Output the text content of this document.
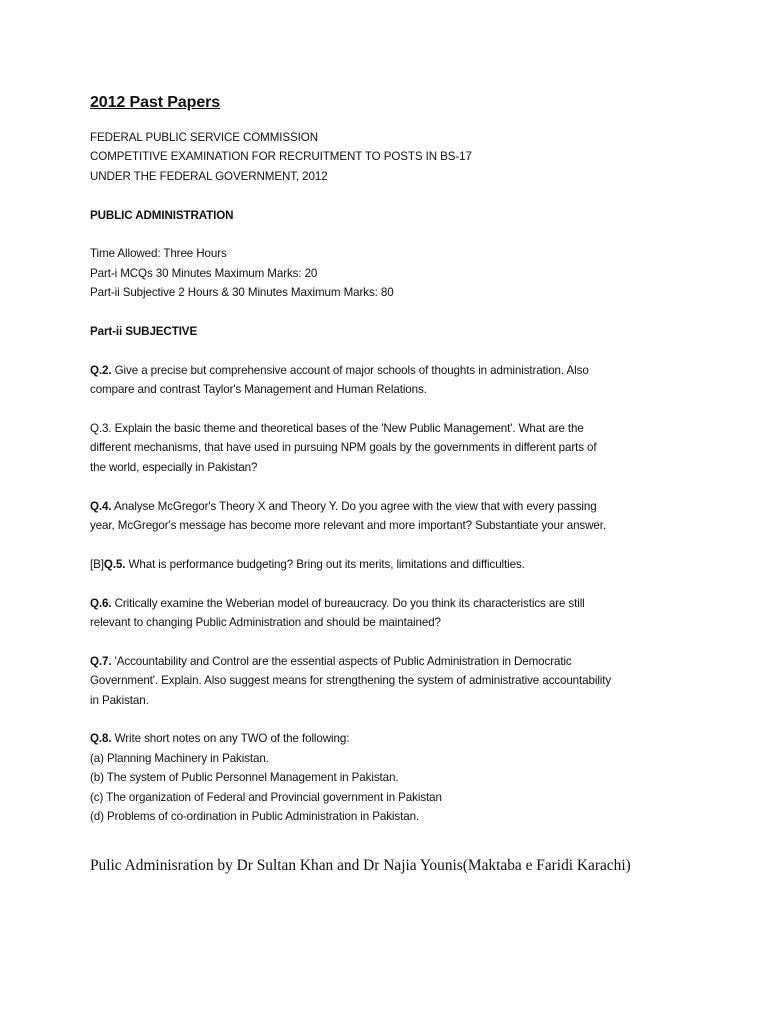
2012 Past Papers

FEDERAL PUBLIC SERVICE COMMISSION

COMPETITIVE EXAMINATION FOR RECRUITMENT TO POSTS IN BS-17

UNDER THE FEDERAL GOVERNMENT, 2012

PUBLIC ADMINISTRATION

Time Allowed: Three Hours

Part-i MCQs 30 Minutes Maximum Marks: 20

Part-ii Subjective 2 Hours & 30 Minutes Maximum Marks: 80

Part-ii SUBJECTIVE

Q.2. Give a precise but comprehensive account of major schools of thoughts in administration. Also

compare and contrast Taylor's Management and Human Relations.

Q.3. Explain the basic theme and theoretical bases of the 'New Public Management'. What are the

different mechanisms, that have used in pursuing NPM goals by the governments in different parts of

the world, especially in Pakistan?

Q.4. Analyse McGregor's Theory X and Theory Y. Do you agree with the view that with every passing

year, McGregor's message has become more relevant and more important? Substantiate your answer.

[B]Q.5. What is performance budgeting? Bring out its merits, limitations and difficulties.

Q.6. Critically examine the Weberian model of bureaucracy. Do you think its characteristics are still

relevant to changing Public Administration and should be maintained?

Q.7. 'Accountability and Control are the essential aspects of Public Administration in Democratic

Government'. Explain. Also suggest means for strengthening the system of administrative accountability

in Pakistan.

Q.8. Write short notes on any TWO of the following:

(a) Planning Machinery in Pakistan.

(b) The system of Public Personnel Management in Pakistan.

(c) The organization of Federal and Provincial government in Pakistan

(d) Problems of co-ordination in Public Administration in Pakistan.

Pulic Adminisration by Dr Sultan Khan and Dr Najia Younis(Maktaba e Faridi Karachi)
